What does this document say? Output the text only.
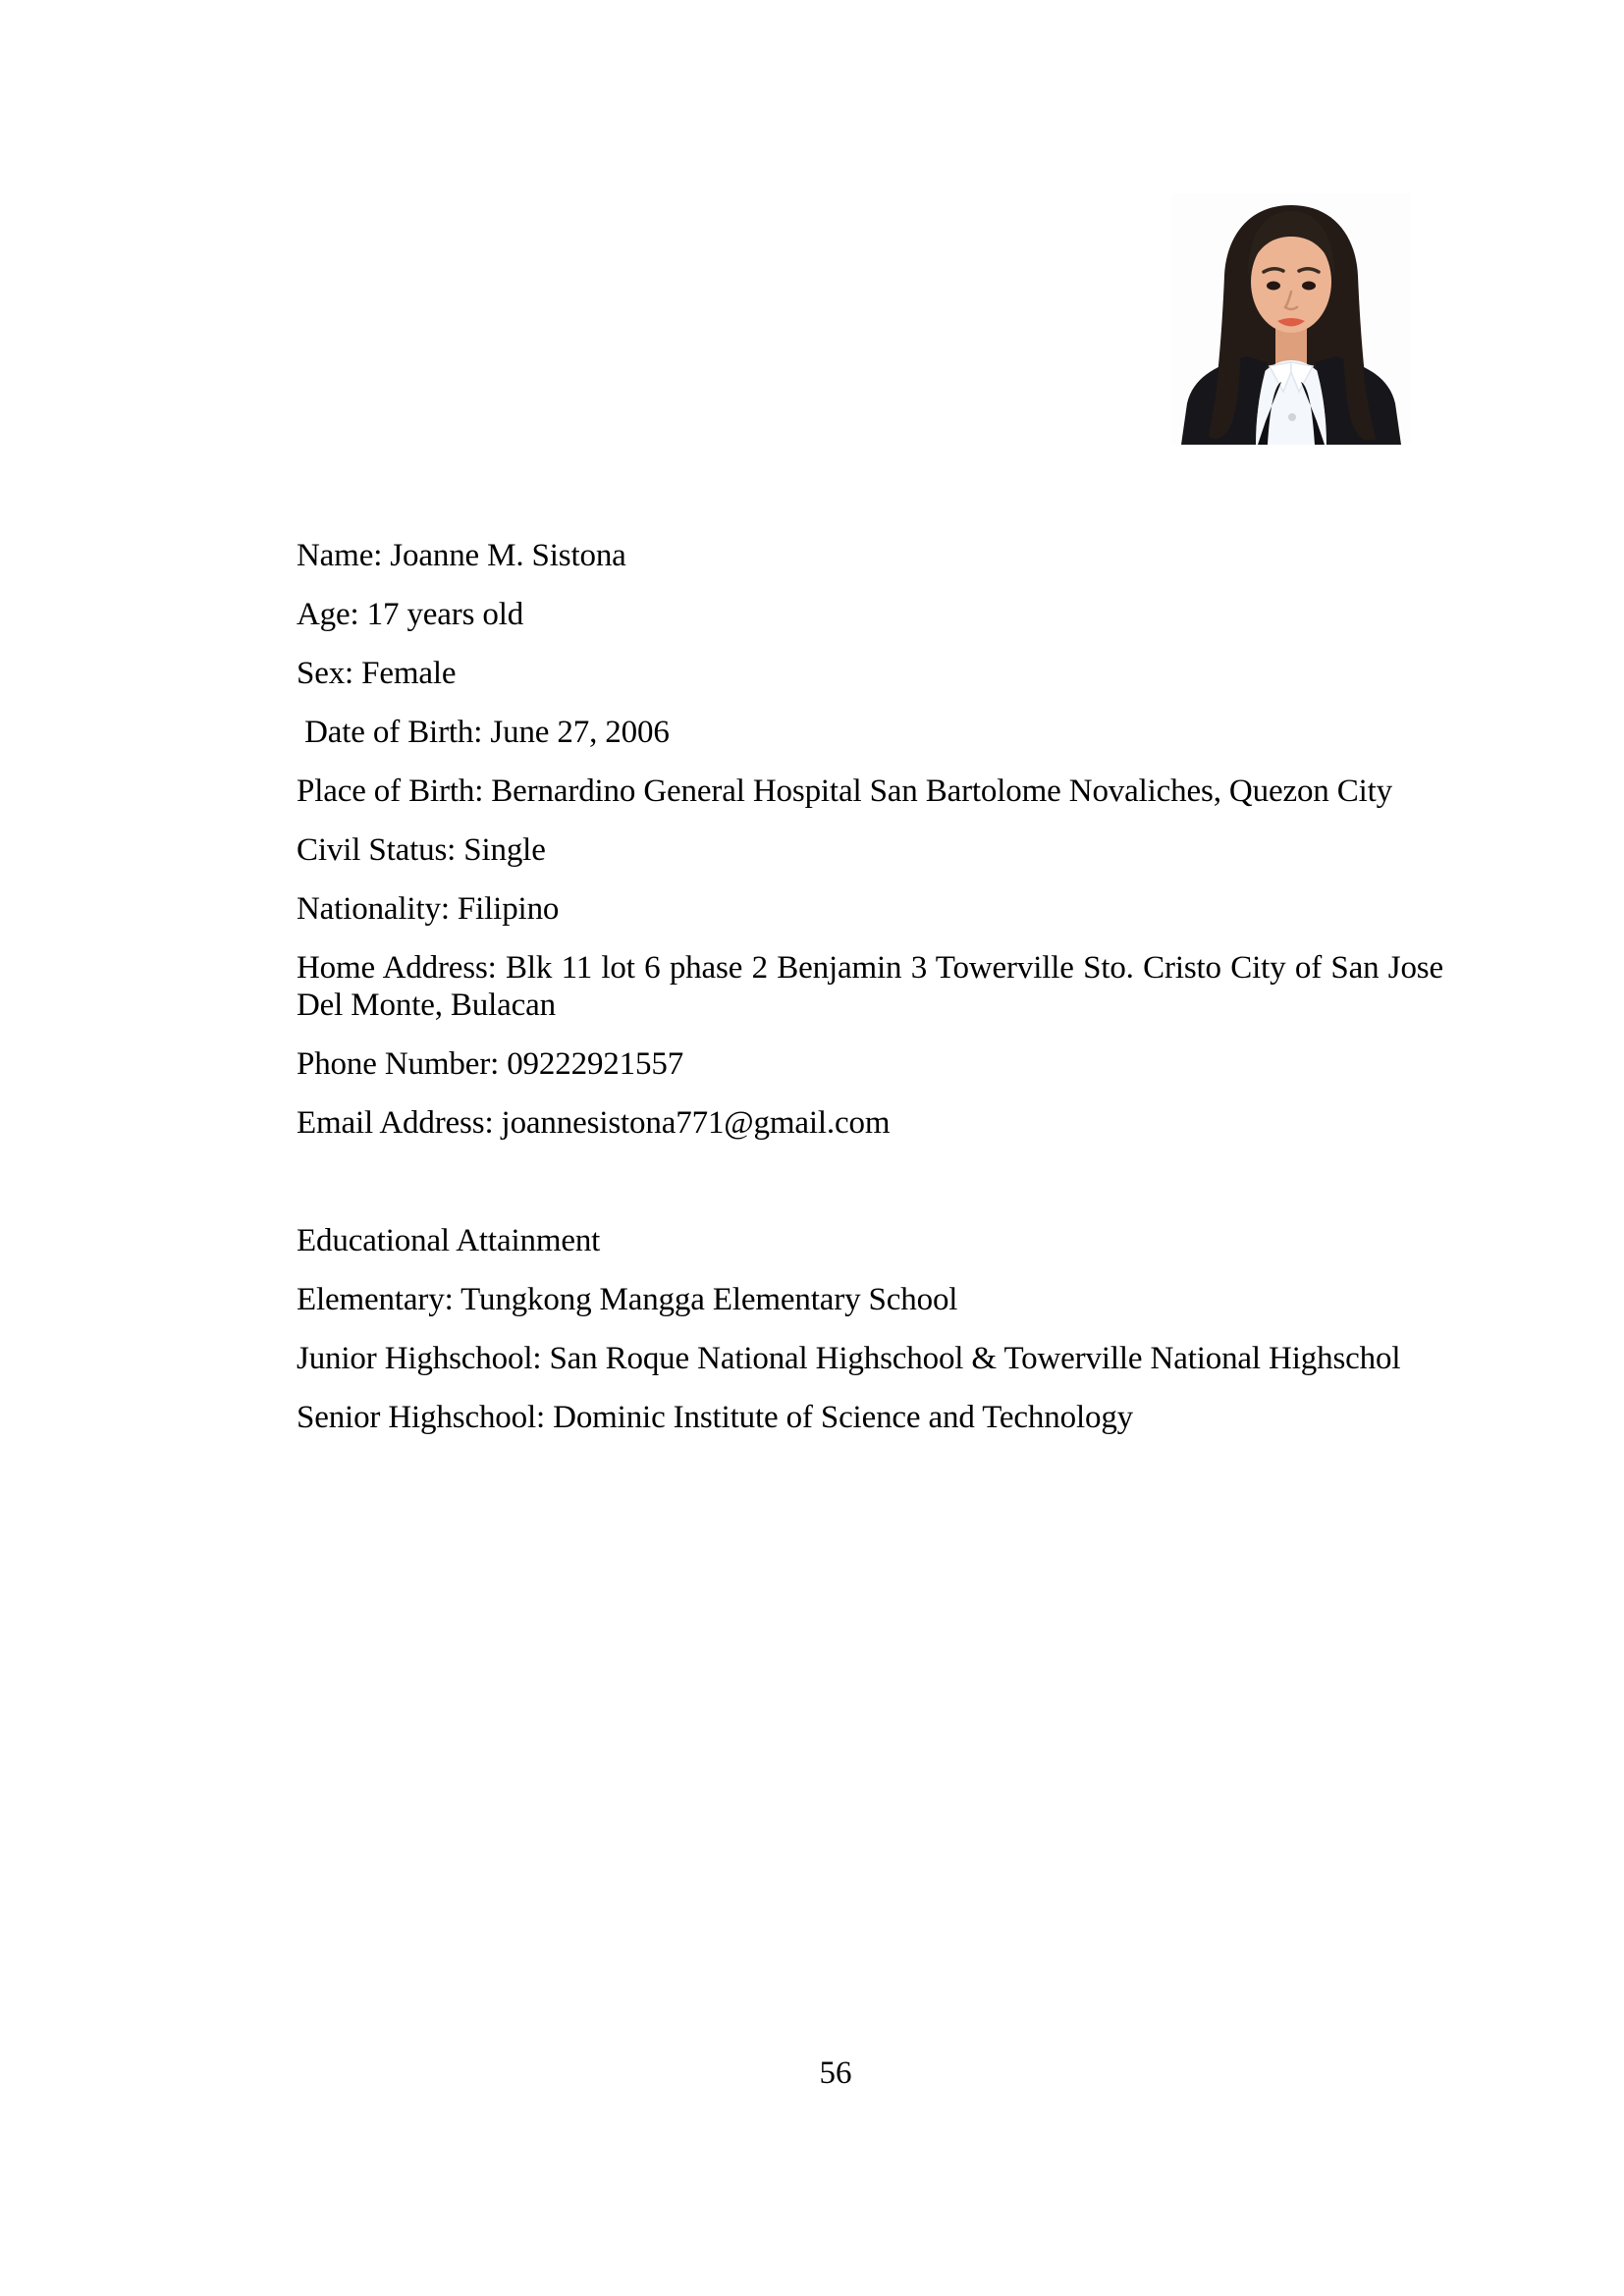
Name: Joanne M. Sistona

Age: 17 years old

Sex: Female

Date of Birth: June 27, 2006

Place of Birth: Bernardino General Hospital San Bartolome Novaliches, Quezon City

Civil Status: Single

Nationality: Filipino

Home Address: Blk 11 lot 6 phase 2 Benjamin 3 Towerville Sto. Cristo City of San Jose Del Monte, Bulacan

Phone Number: 09222921557

Email Address: joannesistona771@gmail.com

Educational Attainment

Elementary: Tungkong Mangga Elementary School

Junior Highschool: San Roque National Highschool & Towerville National Highschol

Senior Highschool: Dominic Institute of Science and Technology

56
